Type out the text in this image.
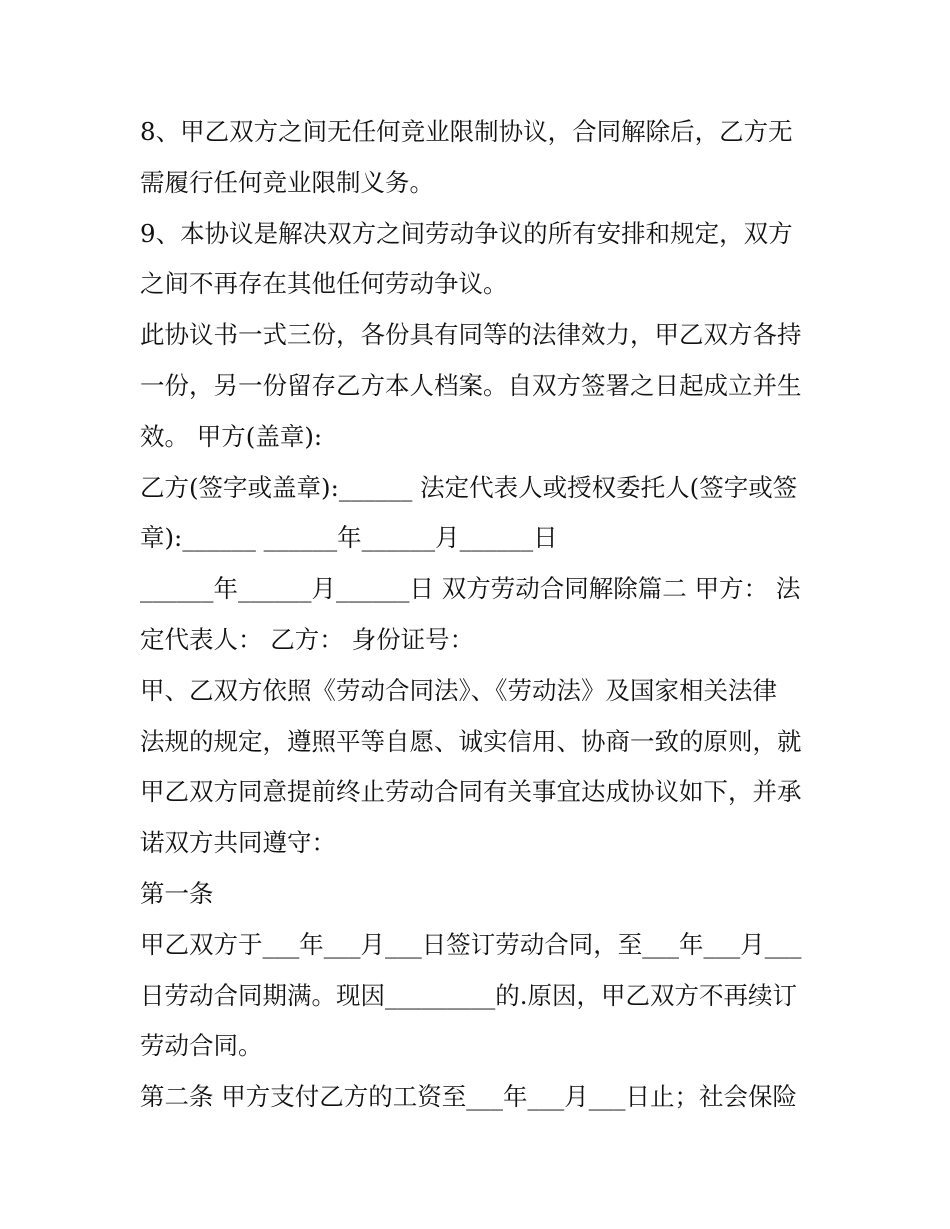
8、甲乙双方之间无任何竞业限制协议，合同解除后，乙方无
需履行任何竞业限制义务。
9、本协议是解决双方之间劳动争议的所有安排和规定，双方
之间不再存在其他任何劳动争议。
此协议书一式三份，各份具有同等的法律效力，甲乙双方各持
一份，另一份留存乙方本人档案。自双方签署之日起成立并生
效。 甲方(盖章):
乙方(签字或盖章):______ 法定代表人或授权委托人(签字或签
章):______ ______年______月______日
______年______月______日 双方劳动合同解除篇二 甲方： 法
定代表人： 乙方： 身份证号：
甲、乙双方依照《劳动合同法》、《劳动法》及国家相关法律
法规的规定，遵照平等自愿、诚实信用、协商一致的原则，就
甲乙双方同意提前终止劳动合同有关事宜达成协议如下，并承
诺双方共同遵守：
第一条
甲乙双方于___年___月___日签订劳动合同，至___年___月___
日劳动合同期满。现因_________的.原因，甲乙双方不再续订
劳动合同。
第二条 甲方支付乙方的工资至___年___月___日止；社会保险
